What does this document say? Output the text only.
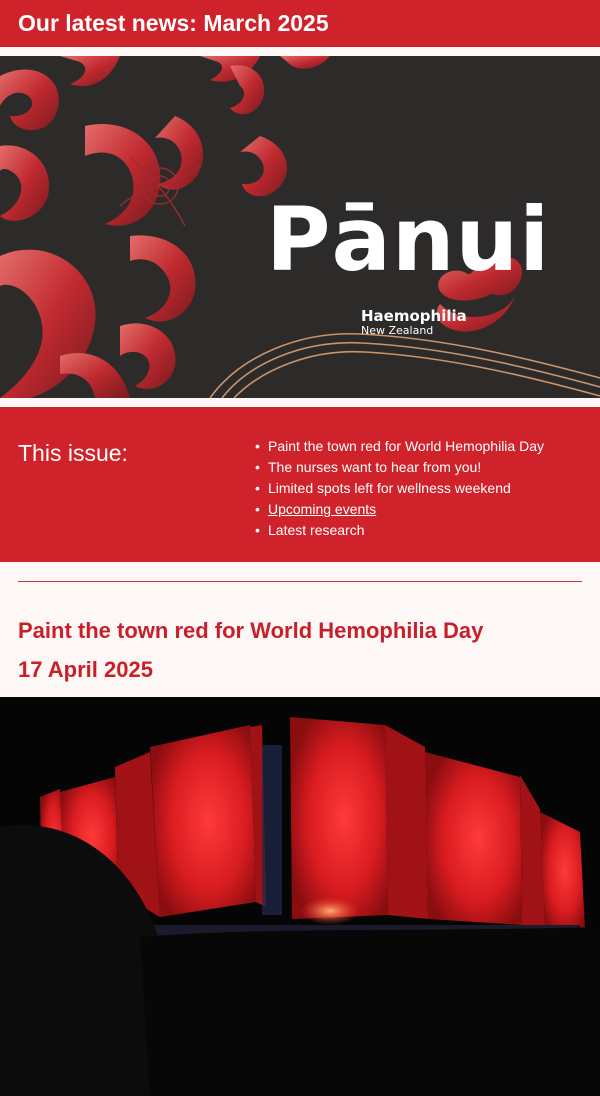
Our latest news: March 2025
Pānui
Haemophilia
New Zealand
This issue:
•	Paint the town red for World Hemophilia Day
• The nurses want to hear from you!
• Limited spots left for wellness weekend
• Upcoming events
• Latest research
Paint the town red for World Hemophilia Day
17 April 2025
